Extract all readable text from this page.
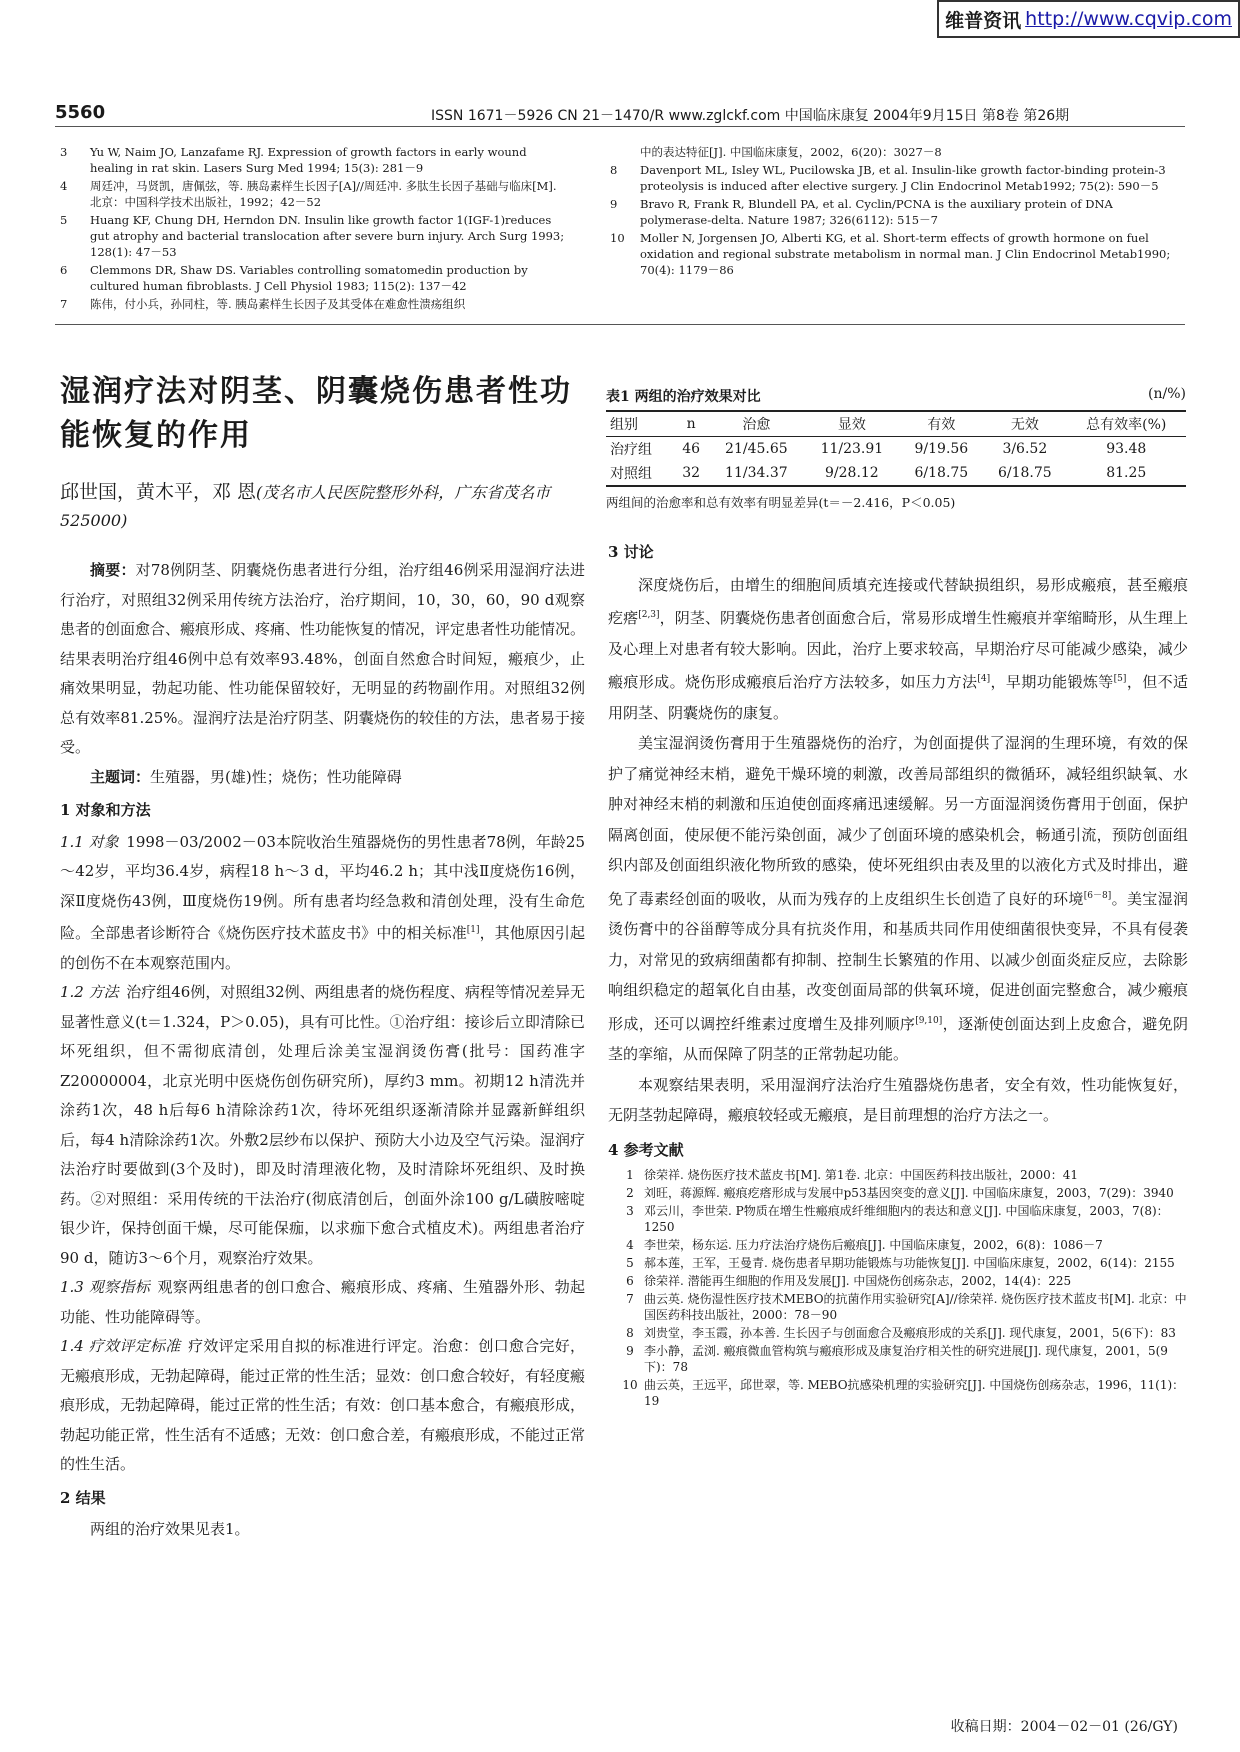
维普资讯 http://www.cqvip.com
5560	ISSN 1671－5926 CN 21－1470/R www.zglckf.com 中国临床康复 2004年9月15日 第8卷 第26期
3	Yu W, Naim JO, Lanzafame RJ. Expression of growth factors in early wound healing in rat skin. Lasers Surg Med 1994; 15(3): 281－9
4	周廷冲，马贤凯，唐佩弦，等. 胰岛素样生长因子[A]//周廷冲. 多肽生长因子基础与临床[M]. 北京：中国科学技术出版社，1992；42－52
5	Huang KF, Chung DH, Herndon DN. Insulin like growth factor 1(IGF-1)reduces gut atrophy and bacterial translocation after severe burn injury. Arch Surg 1993; 128(1): 47－53
6	Clemmons DR, Shaw DS. Variables controlling somatomedin production by cultured human fibroblasts. J Cell Physiol 1983; 115(2): 137－42
7	陈伟，付小兵，孙同柱，等. 胰岛素样生长因子及其受体在难愈性溃疡组织
中的表达特征[J]. 中国临床康复，2002，6(20)：3027－8
8	Davenport ML, Isley WL, Pucilowska JB, et al. Insulin-like growth factor-binding protein-3 proteolysis is induced after elective surgery. J Clin Endocrinol Metab1992; 75(2): 590－5
9	Bravo R, Frank R, Blundell PA, et al. Cyclin/PCNA is the auxiliary protein of DNA polymerase-delta. Nature 1987; 326(6112): 515－7
10	Moller N, Jorgensen JO, Alberti KG, et al. Short-term effects of growth hormone on fuel oxidation and regional substrate metabolism in normal man. J Clin Endocrinol Metab1990; 70(4): 1179－86
湿润疗法对阴茎、阴囊烧伤患者性功能恢复的作用
邱世国，黄木平，邓 恩(茂名市人民医院整形外科，广东省茂名市 525000)

摘要：对78例阴茎、阴囊烧伤患者进行分组，治疗组46例采用湿润疗法进行治疗，对照组32例采用传统方法治疗，治疗期间，10，30，60，90 d观察患者的创面愈合、瘢痕形成、疼痛、性功能恢复的情况，评定患者性功能情况。结果表明治疗组46例中总有效率93.48%，创面自然愈合时间短，瘢痕少，止痛效果明显，勃起功能、性功能保留较好，无明显的药物副作用。对照组32例总有效率81.25%。湿润疗法是治疗阴茎、阴囊烧伤的较佳的方法，患者易于接受。

主题词：生殖器，男(雄)性；烧伤；性功能障碍

1 对象和方法

1.1 对象 1998－03/2002－03本院收治生殖器烧伤的男性患者78例，年龄25～42岁，平均36.4岁，病程18 h～3 d，平均46.2 h；其中浅Ⅱ度烧伤16例，深Ⅱ度烧伤43例，Ⅲ度烧伤19例。所有患者均经急救和清创处理，没有生命危险。全部患者诊断符合《烧伤医疗技术蓝皮书》中的相关标准[1]，其他原因引起的创伤不在本观察范围内。

1.2 方法 治疗组46例，对照组32例、两组患者的烧伤程度、病程等情况差异无显著性意义(t＝1.324，P＞0.05)，具有可比性。①治疗组：接诊后立即清除已坏死组织，但不需彻底清创，处理后涂美宝湿润烫伤膏(批号：国药准字Z20000004，北京光明中医烧伤创伤研究所)，厚约3 mm。初期12 h清洗并涂药1次，48 h后每6 h清除涂药1次，待坏死组织逐渐清除并显露新鲜组织后，每4 h清除涂药1次。外敷2层纱布以保护、预防大小边及空气污染。湿润疗法治疗时要做到(3个及时)，即及时清理液化物，及时清除坏死组织、及时换药。②对照组：采用传统的干法治疗(彻底清创后，创面外涂100 g/L磺胺嘧啶银少许，保持创面干燥，尽可能保痂，以求痂下愈合式植皮术)。两组患者治疗90 d，随访3～6个月，观察治疗效果。

1.3 观察指标 观察两组患者的创口愈合、瘢痕形成、疼痛、生殖器外形、勃起功能、性功能障碍等。

1.4 疗效评定标准 疗效评定采用自拟的标准进行评定。治愈：创口愈合完好，无瘢痕形成，无勃起障碍，能过正常的性生活；显效：创口愈合较好，有轻度瘢痕形成，无勃起障碍，能过正常的性生活；有效：创口基本愈合，有瘢痕形成，勃起功能正常，性生活有不适感；无效：创口愈合差，有瘢痕形成，不能过正常的性生活。

2 结果

两组的治疗效果见表1。

表1 两组的治疗效果对比	(n/%)
组别	n	治愈	显效	有效	无效	总有效率(%)
治疗组	46	21/45.65	11/23.91	9/19.56	3/6.52	93.48
对照组	32	11/34.37	9/28.12	6/18.75	6/18.75	81.25
两组间的治愈率和总有效率有明显差异(t＝－2.416，P＜0.05)
3 讨论

深度烧伤后，由增生的细胞间质填充连接或代替缺损组织，易形成瘢痕，甚至瘢痕疙瘩[2,3]，阴茎、阴囊烧伤患者创面愈合后，常易形成增生性瘢痕并挛缩畸形，从生理上及心理上对患者有较大影响。因此，治疗上要求较高，早期治疗尽可能减少感染，减少瘢痕形成。烧伤形成瘢痕后治疗方法较多，如压力方法[4]，早期功能锻炼等[5]，但不适用阴茎、阴囊烧伤的康复。

美宝湿润烫伤膏用于生殖器烧伤的治疗，为创面提供了湿润的生理环境，有效的保护了痛觉神经末梢，避免干燥环境的刺激，改善局部组织的微循环，减轻组织缺氧、水肿对神经末梢的刺激和压迫使创面疼痛迅速缓解。另一方面湿润烫伤膏用于创面，保护隔离创面，使尿便不能污染创面，减少了创面环境的感染机会，畅通引流，预防创面组织内部及创面组织液化物所致的感染，使坏死组织由表及里的以液化方式及时排出，避免了毒素经创面的吸收，从而为残存的上皮组织生长创造了良好的环境[6－8]。美宝湿润烫伤膏中的谷甾醇等成分具有抗炎作用，和基质共同作用使细菌很快变异，不具有侵袭力，对常见的致病细菌都有抑制、控制生长繁殖的作用、以减少创面炎症反应，去除影响组织稳定的超氧化自由基，改变创面局部的供氧环境，促进创面完整愈合，减少瘢痕形成，还可以调控纤维素过度增生及排列顺序[9,10]，逐渐使创面达到上皮愈合，避免阴茎的挛缩，从而保障了阴茎的正常勃起功能。

本观察结果表明，采用湿润疗法治疗生殖器烧伤患者，安全有效，性功能恢复好，无阴茎勃起障碍，瘢痕较轻或无瘢痕，是目前理想的治疗方法之一。

4 参考文献
1 徐荣祥. 烧伤医疗技术蓝皮书[M]. 第1卷. 北京：中国医药科技出版社，2000：41
2 刘旺，蒋源辉. 瘢痕疙瘩形成与发展中p53基因突变的意义[J]. 中国临床康复，2003，7(29)：3940
3 邓云川，李世荣. P物质在增生性瘢痕成纤维细胞内的表达和意义[J]. 中国临床康复，2003，7(8)：1250
4 李世荣，杨东运. 压力疗法治疗烧伤后瘢痕[J]. 中国临床康复，2002，6(8)：1086－7
5 郝本莲，王军，王曼青. 烧伤患者早期功能锻炼与功能恢复[J]. 中国临床康复，2002，6(14)：2155
6 徐荣祥. 潜能再生细胞的作用及发展[J]. 中国烧伤创疡杂志，2002，14(4)：225
7 曲云英. 烧伤湿性医疗技术MEBO的抗菌作用实验研究[A]//徐荣祥. 烧伤医疗技术蓝皮书[M]. 北京：中国医药科技出版社，2000：78－90
8 刘贵堂，李玉霞，孙本善. 生长因子与创面愈合及瘢痕形成的关系[J]. 现代康复，2001，5(6下)：83
9 李小静，孟浏. 瘢痕微血管构筑与瘢痕形成及康复治疗相关性的研究进展[J]. 现代康复，2001，5(9下)：78
10 曲云英，王远平，邱世翠，等. MEBO抗感染机理的实验研究[J]. 中国烧伤创疡杂志，1996，11(1)：19
收稿日期：2004－02－01 (26/GY)
